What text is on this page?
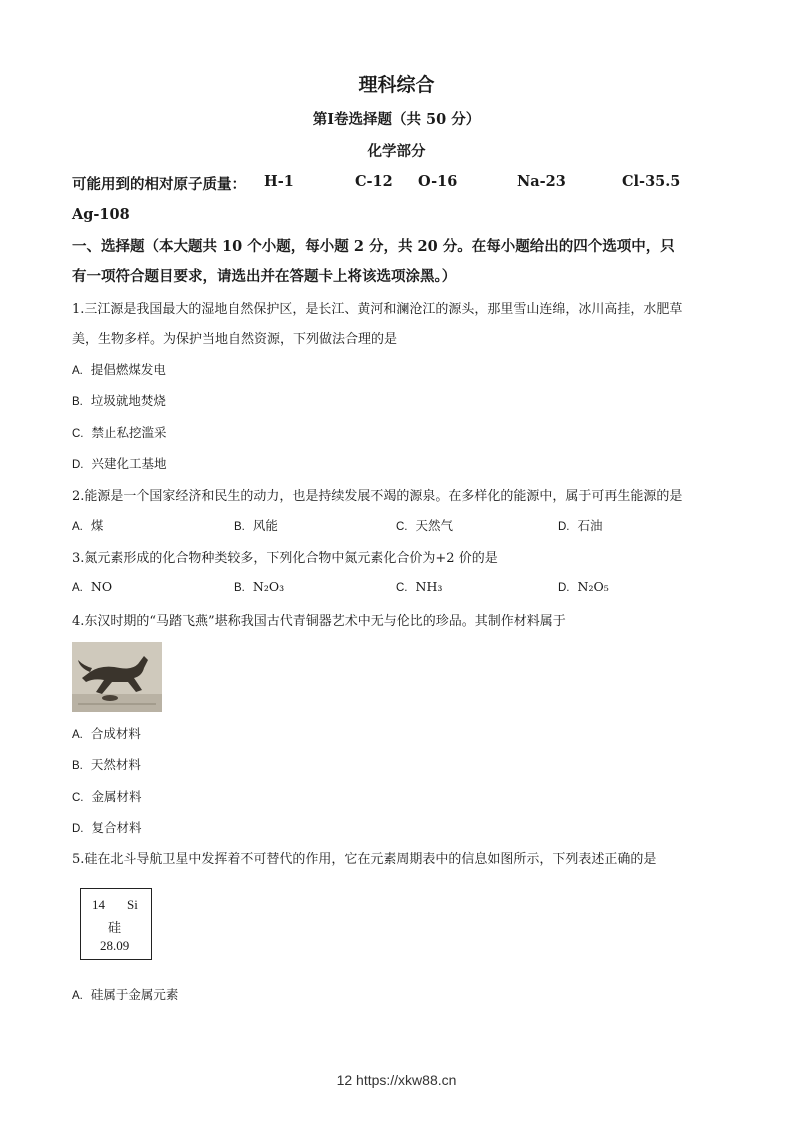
理科综合
第Ⅰ卷选择题（共 50 分）
化学部分
可能用到的相对原子质量： H-1	C-12 O-16	Na-23	Cl-35.5
Ag-108
一、选择题（本大题共 10 个小题，每小题 2 分，共 20 分。在每小题给出的四个选项中，只
有一项符合题目要求，请选出并在答题卡上将该选项涂黑。）
1.三江源是我国最大的湿地自然保护区，是长江、黄河和澜沧江的源头，那里雪山连绵，冰川高挂，水肥草
美，生物多样。为保护当地自然资源，下列做法合理的是
A. 提倡燃煤发电
B. 垃圾就地焚烧
C. 禁止私挖滥采
D. 兴建化工基地
2.能源是一个国家经济和民生的动力，也是持续发展不竭的源泉。在多样化的能源中，属于可再生能源的是
A. 煤	B. 风能	C. 天然气	D. 石油
3.氮元素形成的化合物种类较多，下列化合物中氮元素化合价为+2 价的是
A. NO	B. N₂O₃	C. NH₃	D. N₂O₅
4.东汉时期的“马踏飞燕”堪称我国古代青铜器艺术中无与伦比的珍品。其制作材料属于
A. 合成材料
B. 天然材料
C. 金属材料
D. 复合材料
5.硅在北斗导航卫星中发挥着不可替代的作用，它在元素周期表中的信息如图所示，下列表述正确的是
14 Si
硅
28.09
A. 硅属于金属元素
12 https://xkw88.cn
